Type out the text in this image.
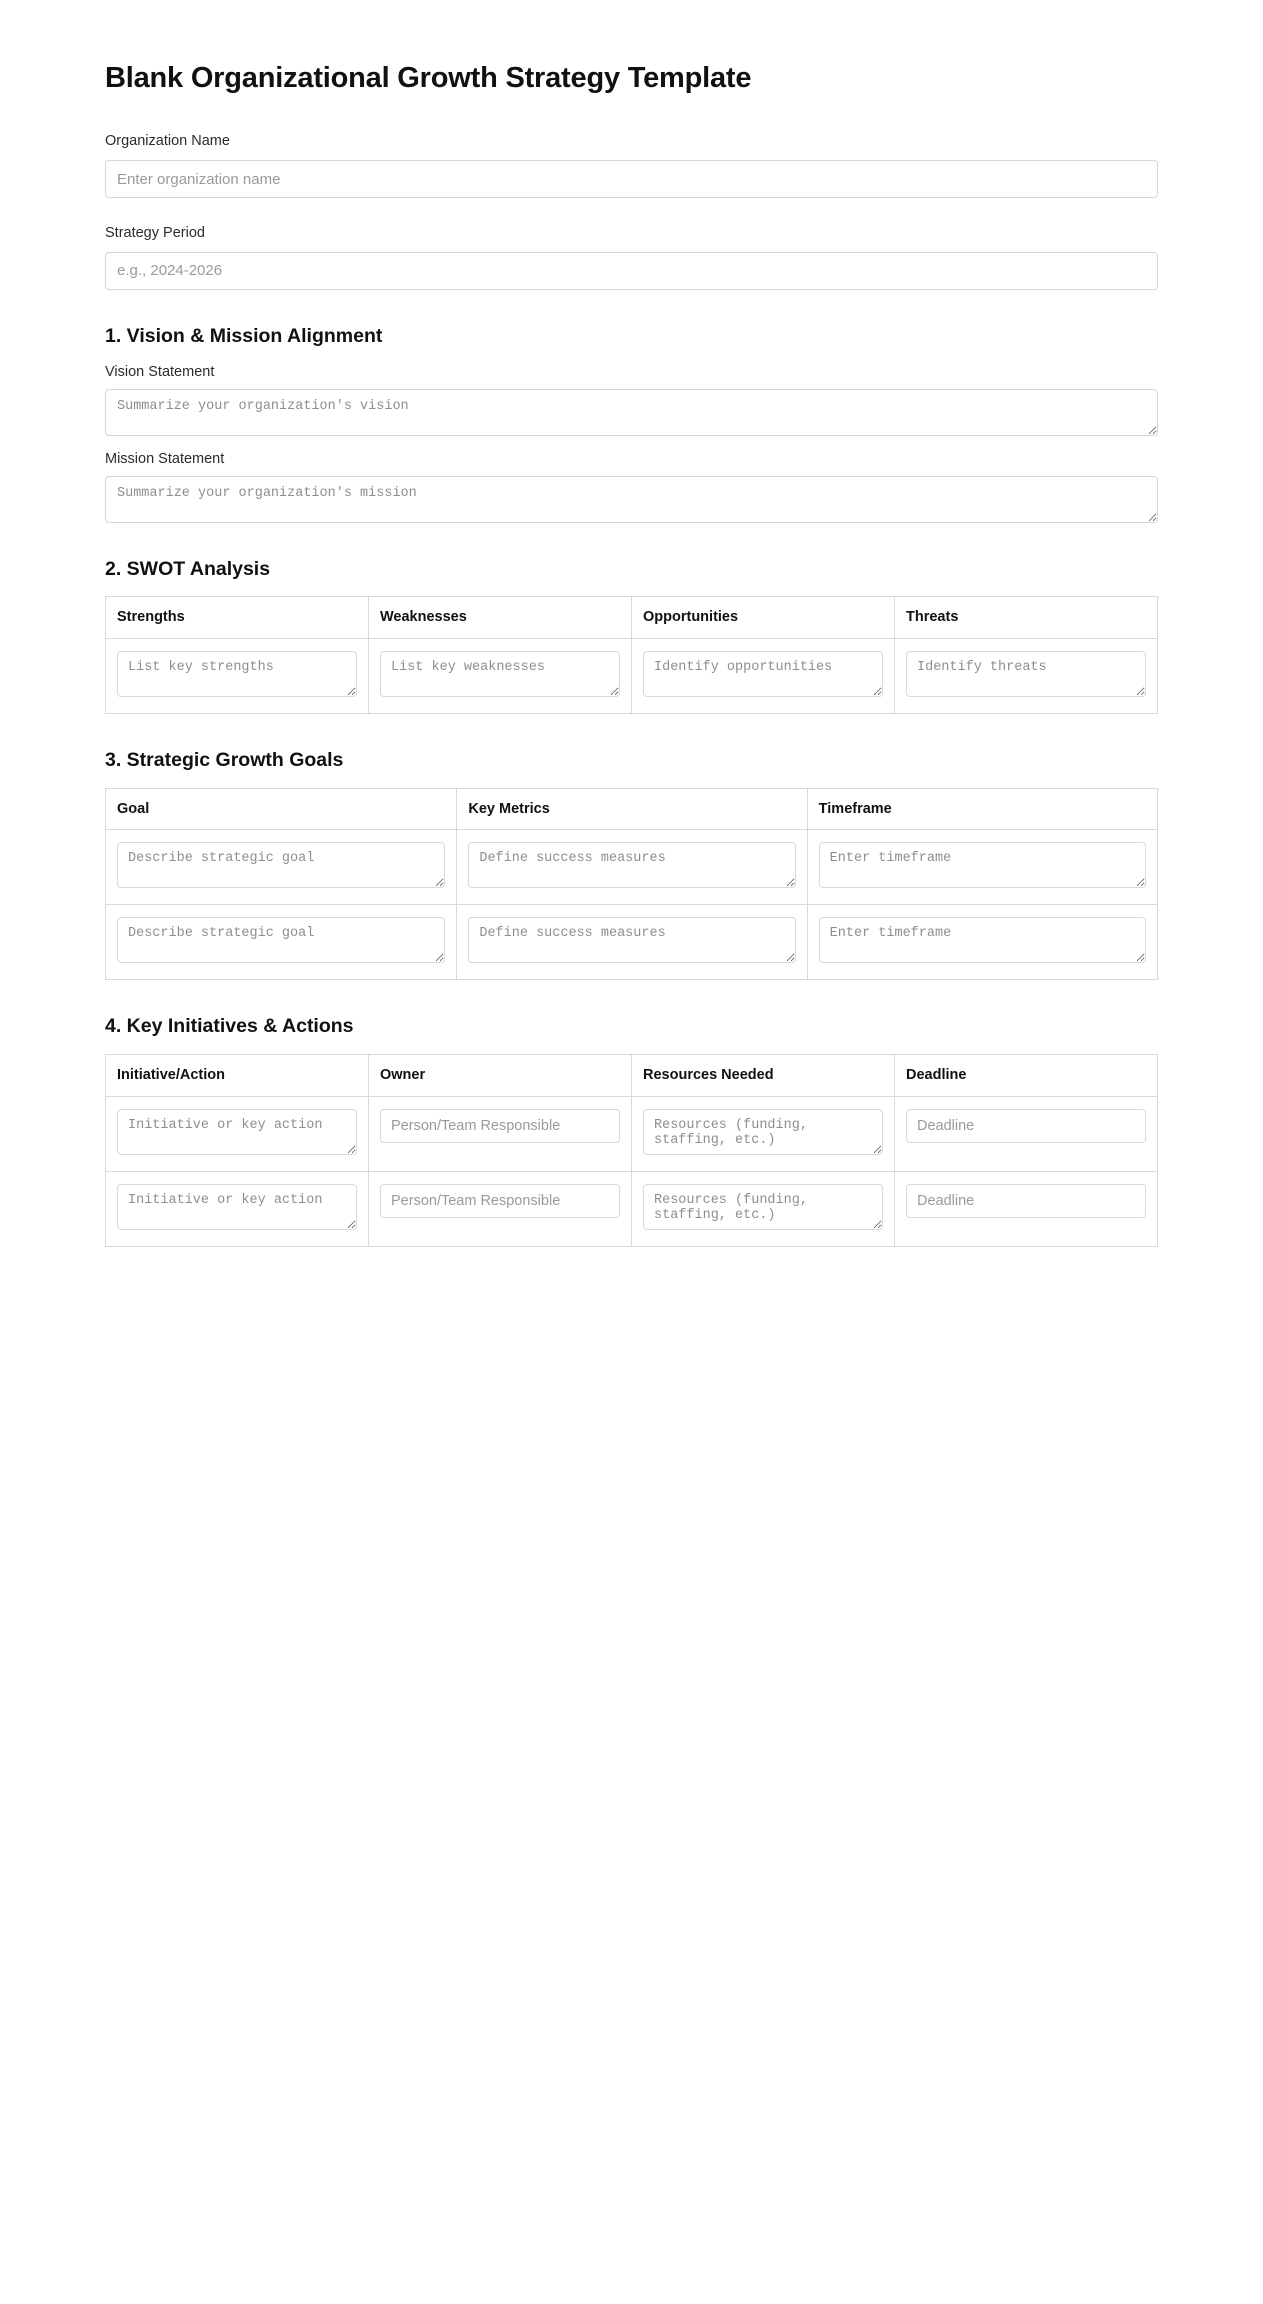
Blank Organizational Growth Strategy Template
Organization Name
Enter organization name
Strategy Period
e.g., 2024-2026
1. Vision & Mission Alignment
Vision Statement
Summarize your organization's vision
Mission Statement
Summarize your organization's mission
2. SWOT Analysis
Strengths	Weaknesses	Opportunities	Threats

List key strengths	
List key weaknesses	
Identify opportunities	
Identify threats
3. Strategic Growth Goals
Goal	Key Metrics	Timeframe

Describe strategic goal	
Define success measures	
Enter timeframe

Describe strategic goal	
Define success measures	
Enter timeframe
4. Key Initiatives & Actions
Initiative/Action	Owner	Resources Needed	Deadline

Initiative or key action	
Person/Team Responsible	
Resources (funding, staffing, etc.)	
Deadline

Initiative or key action	
Person/Team Responsible	
Resources (funding, staffing, etc.)	
Deadline
